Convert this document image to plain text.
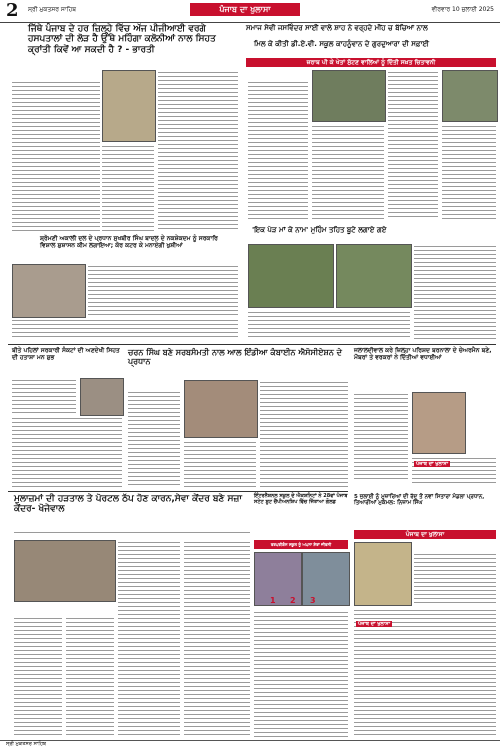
2 ਸ੍ਰੀ ਮੁਕਤਸਰ ਸਾਹਿਬ	ਪੰਜਾਬ ਦਾ ਖੁਲਾਸਾ	ਵੀਰਵਾਰ 10 ਜੁਲਾਈ 2025
ਜਿੱਥੇ ਪੰਜਾਬ ਦੇ ਹਰ ਜ਼ਿਲ੍ਹੇ ਵਿੱਚ ਅੱਜ ਪੀਜੀਆਈ ਵਰਗੇ ਹਸਪਤਾਲਾਂ ਦੀ ਲੋੜ ਹੈ ਉੱਥੇ ਮਹਿੰਗਾ ਕਲੋਨੀਆਂ ਨਾਲ ਸਿਹਤ ਕ੍ਰਾਂਤੀ ਕਿਵੇਂ ਆ ਸਕਦੀ ਹੈ ? - ਭਾਰਤੀ
ਸ਼੍ਰੋਮਣੀ ਅਕਾਲੀ ਦਲ ਦੇ ਪ੍ਰਧਾਨ ਸੁਖਬੀਰ ਸਿੰਘ ਬਾਦਲ ਦੇ ਨਕਸ਼ੇਕਦਮ ਨੂੰ ਸਰਕਾਰਿ ਵਿਸ਼ਾਲ ਸ਼ੁਸ਼ਾਸਨ ਕੀਮ ਲਗਾਇਆ; ਕੋਰ ਕਟਰ ਕੇ ਮਨਾਏਗੀ ਖੁਸ਼ੀਆਂ
ਸਮਾਜ ਸੇਵੀ ਜਸਵਿੰਦਰ ਸਾਈਂ ਵਾਲੇ ਸ਼ਾਹ ਨੇ ਵਰ੍ਹਦੇ ਮੀਂਹ ਚ ਬੱਚਿਆਂ ਨਾਲ
ਮਿਲ ਕੇ ਕੀਤੀ ਡੀ.ਏ.ਵੀ. ਸਕੂਲ ਕਾਹਨੂੰਵਾਨ ਦੇ ਗੁਰਦੁਆਰਾ ਦੀ ਸਫ਼ਾਈ
ਜ਼ਰਾਬ ਪੀ ਕੇ ਖੇਤਾਂ ਸੁੱਟਣ ਵਾਲਿਆਂ ਨੂੰ ਦਿੱਤੀ ਸਖ਼ਤ ਚਿਤਾਵਨੀ
'ਇਕ ਪੇੜ ਮਾਂ ਕੇ ਨਾਮ' ਮੁਹਿੰਮ ਤਹਿਤ ਬੂਟੇ ਲਗਾਏ ਗਏ
ਬੀਤੇ ਪਹਿਲਾਂ ਸਰਕਾਰੀ ਸੰਕਟਾਂ ਦੀ ਅਣਦੇਖੀ ਸਿਹਤ ਦੀ ਹਤਾਸ਼ਾ ਮਨ ਸ਼ੁਭ
ਚਰਨ ਸਿੰਘ ਬਣੇ ਸਰਬਸੰਮਤੀ ਨਾਲ ਆਲ ਇੰਡੀਆ ਕੰਬਾਈਨ ਐਸੋਸੀਏਸ਼ਨ ਦੇ ਪ੍ਰਧਾਨ
ਜਲਾਲਦੀਵਾਲ ਕਰੇ ਜ਼ਿਲ੍ਹਾ ਪਰਿਸ਼ਦ ਬਰਨਾਲਾ ਦੇ ਚੇਅਰਮੈਨ ਬਣੇ, ਮੌਬਰਾਂ ਤੇ ਵਰਕਰਾਂ ਨੇ ਦਿੱਤੀਆਂ ਵਧਾਈਆਂ
ਪੰਜਾਬ ਦਾ ਖੁਲਾਸਾ
ਮੁਲਾਜ਼ਮਾਂ ਦੀ ਹੜਤਾਲ ਤੇ ਪੋਰਟਲ ਠੱਪ ਹੋਣ ਕਾਰਨ,ਸੇਵਾ ਕੇਂਦਰ ਬਣੇ ਸਜ਼ਾ ਕੇਂਦਰ- ਖੋਜੇਵਾਲ
ਇੰਟਰਨੈਸ਼ਨਲ ਸਕੂਲ ਦੇ ਐਕਸ਼ਨਿਟਾਂ ਨੇ 28ਵਾਂ ਪੰਜਾਬ ਸਟੇਟ ਸ਼ੂਟ ਚੈਂਪੀਅਨਸ਼ਿਪ ਵਿੱਚ ਜਿੱਤਾਆ ਗੋਲਡ
ਤਰਪਤੀਗੰਨ ਸਕੂਲ ਨੂੰ ਅਪਨਾ ਸ਼ੇਰਾਂ ਜੀਤਨੀ
1 2 3
5 ਜੁਲਾਈ ਨੂੰ ਮੁਜ਼ਾਰਿਆਂ ਦੀ ਰੱਦ ਤੋਂ ਨਵਾਂ ਸਿਤਾਰਾ ਮੰਡਲਾ ਪ੍ਰਧਾਨ, ਤਿਆਰੀਆਂ ਮੁਕੰਮਲ: ਨਿਜ਼ਾਮ ਸਿੰਘ
ਪੰਜਾਬ ਦਾ ਖੁਲਾਸਾ
ਪੰਜਾਬ ਦਾ ਖੁਲਾਸਾ
ਸ੍ਰੀ ਮੁਕਤਸਰ ਸਾਹਿਬ
